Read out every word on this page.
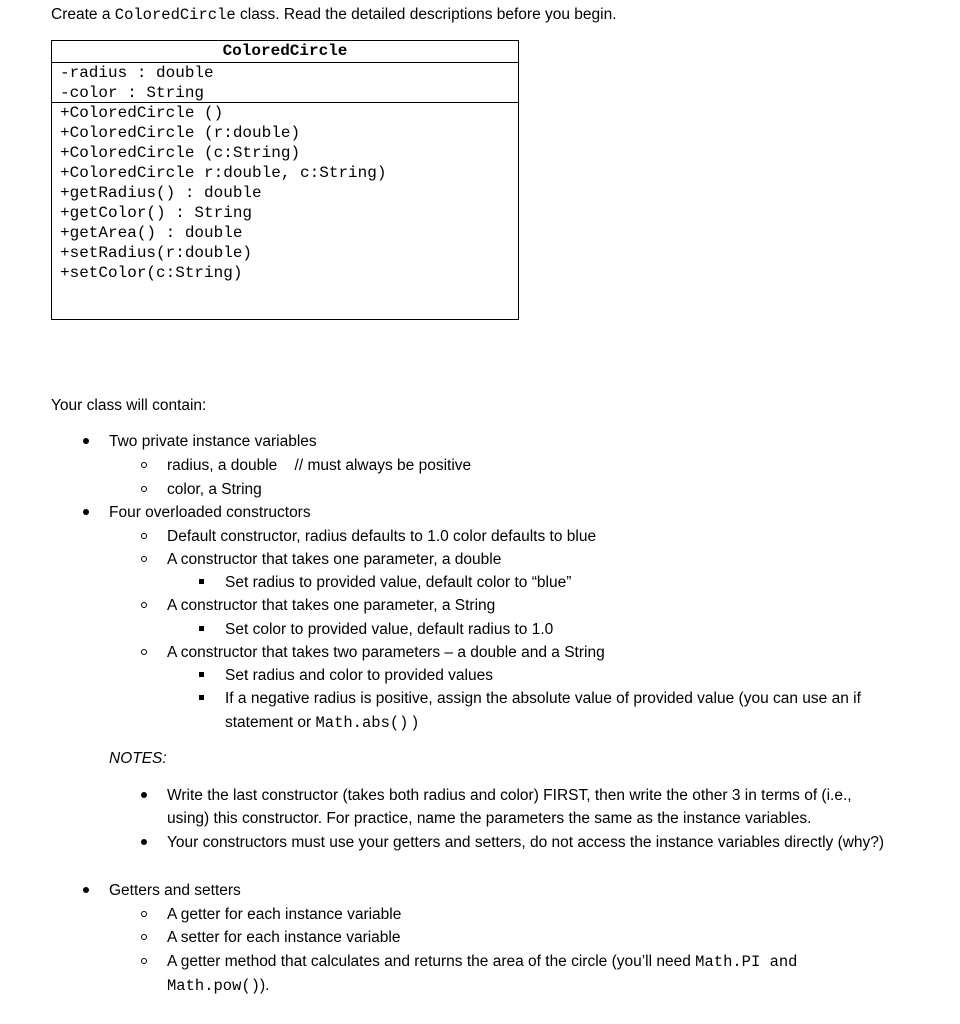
Create a ColoredCircle class. Read the detailed descriptions before you begin.
ColoredCircle
-radius : double
-color : String
+ColoredCircle ()
+ColoredCircle (r:double)
+ColoredCircle (c:String)
+ColoredCircle r:double, c:String)
+getRadius() : double
+getColor() : String
+getArea() : double
+setRadius(r:double)
+setColor(c:String)
Your class will contain:
Two private instance variables
radius, a double    // must always be positive
color, a String
Four overloaded constructors
Default constructor, radius defaults to 1.0 color defaults to blue
A constructor that takes one parameter, a double
Set radius to provided value, default color to “blue”
A constructor that takes one parameter, a String
Set color to provided value, default radius to 1.0
A constructor that takes two parameters – a double and a String
Set radius and color to provided values
If a negative radius is positive, assign the absolute value of provided value (you can use an if
statement or Math.abs() )
NOTES:
Write the last constructor (takes both radius and color) FIRST, then write the other 3 in terms of (i.e.,
using) this constructor. For practice, name the parameters the same as the instance variables.
Your constructors must use your getters and setters, do not access the instance variables directly (why?)
Getters and setters
A getter for each instance variable
A setter for each instance variable
A getter method that calculates and returns the area of the circle (you’ll need Math.PI and
Math.pow()).
